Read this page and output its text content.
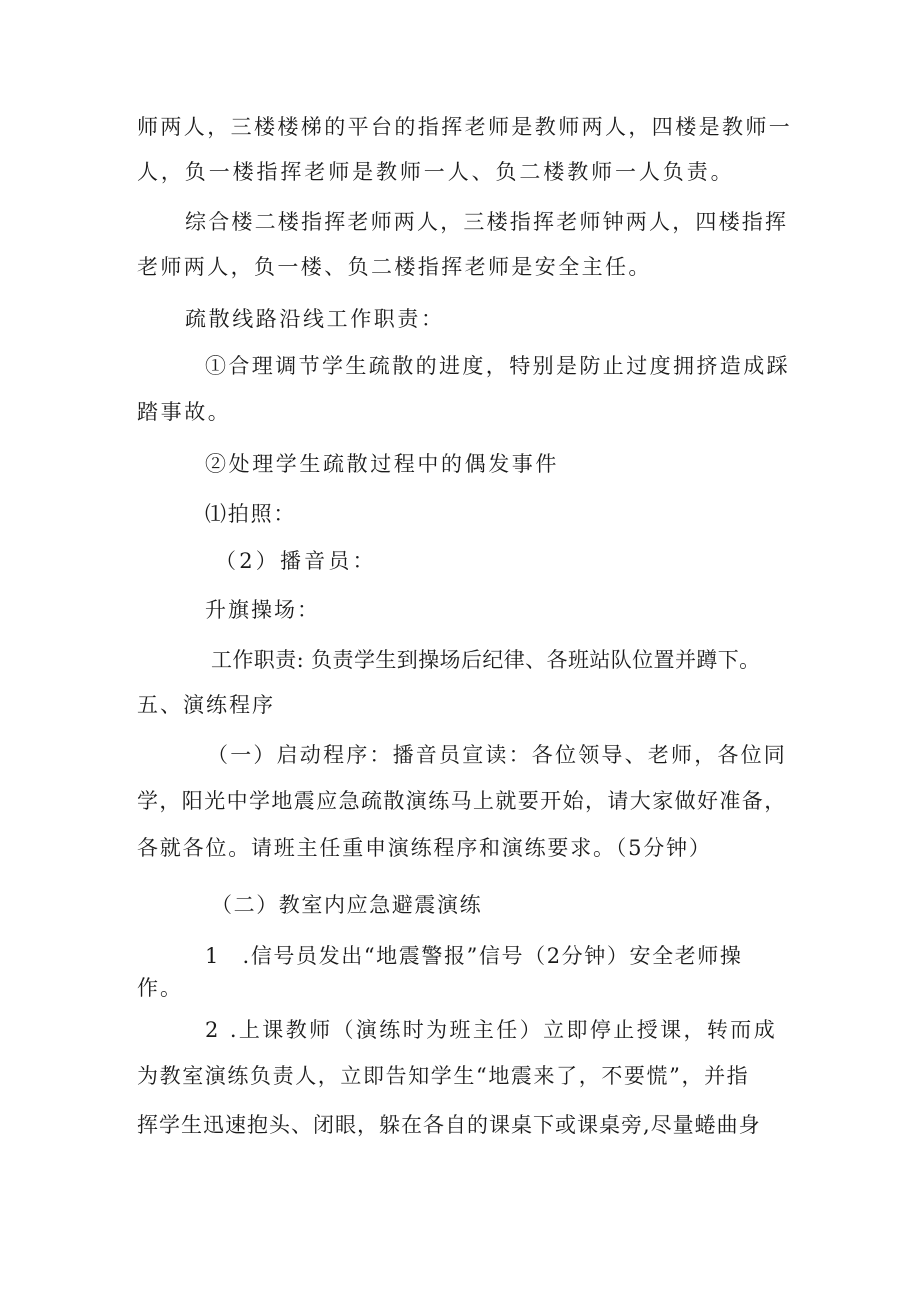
师两人，三楼楼梯的平台的指挥老师是教师两人，四楼是教师一
人，负一楼指挥老师是教师一人、负二楼教师一人负责。
综合楼二楼指挥老师两人，三楼指挥老师钟两人，四楼指挥
老师两人，负一楼、负二楼指挥老师是安全主任。
疏散线路沿线工作职责：
①合理调节学生疏散的进度，特别是防止过度拥挤造成踩
踏事故。
②处理学生疏散过程中的偶发事件
⑴拍照：
（2）播音员：
升旗操场：
工作职责: 负责学生到操场后纪律、各班站队位置并蹲下。
五、演练程序
（一）启动程序：播音员宣读：各位领导、老师，各位同
学，阳光中学地震应急疏散演练马上就要开始，请大家做好准备，
各就各位。请班主任重申演练程序和演练要求。（5分钟）
（二）教室内应急避震演练
1　.信号员发出“地震警报”信号（2分钟）安全老师操
作。
2 .上课教师（演练时为班主任）立即停止授课，转而成
为教室演练负责人，立即告知学生“地震来了，不要慌”，并指
挥学生迅速抱头、闭眼，躲在各自的课桌下或课桌旁,尽量蜷曲身
